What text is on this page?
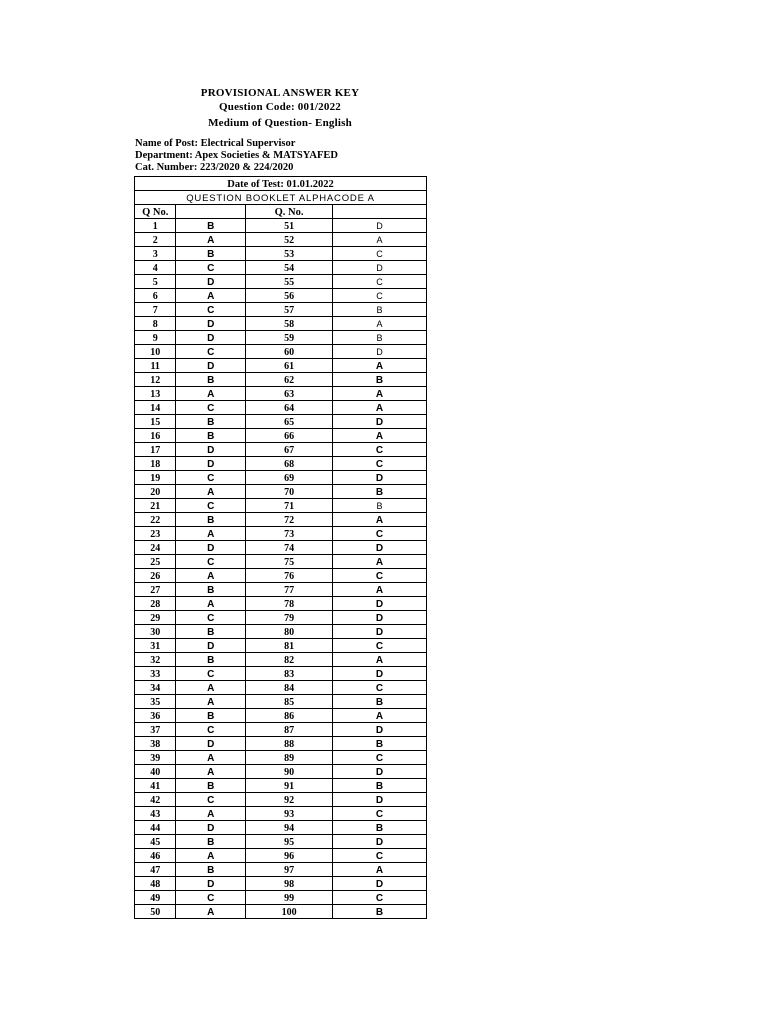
PROVISIONAL ANSWER KEY
Question Code: 001/2022
Medium of Question- English
Name of Post: Electrical Supervisor
Department: Apex Societies & MATSYAFED
Cat. Number: 223/2020 & 224/2020
Date of Test: 01.01.2022			
QUESTION BOOKLET ALPHACODE A			
Q No.		Q. No.	
1	B	51	D
2	A	52	A
3	B	53	C
4	C	54	D
5	D	55	C
6	A	56	C
7	C	57	B
8	D	58	A
9	D	59	B
10	C	60	D
11	D	61	A
12	B	62	B
13	A	63	A
14	C	64	A
15	B	65	D
16	B	66	A
17	D	67	C
18	D	68	C
19	C	69	D
20	A	70	B
21	C	71	B
22	B	72	A
23	A	73	C
24	D	74	D
25	C	75	A
26	A	76	C
27	B	77	A
28	A	78	D
29	C	79	D
30	B	80	D
31	D	81	C
32	B	82	A
33	C	83	D
34	A	84	C
35	A	85	B
36	B	86	A
37	C	87	D
38	D	88	B
39	A	89	C
40	A	90	D
41	B	91	B
42	C	92	D
43	A	93	C
44	D	94	B
45	B	95	D
46	A	96	C
47	B	97	A
48	D	98	D
49	C	99	C
50	A	100	B
